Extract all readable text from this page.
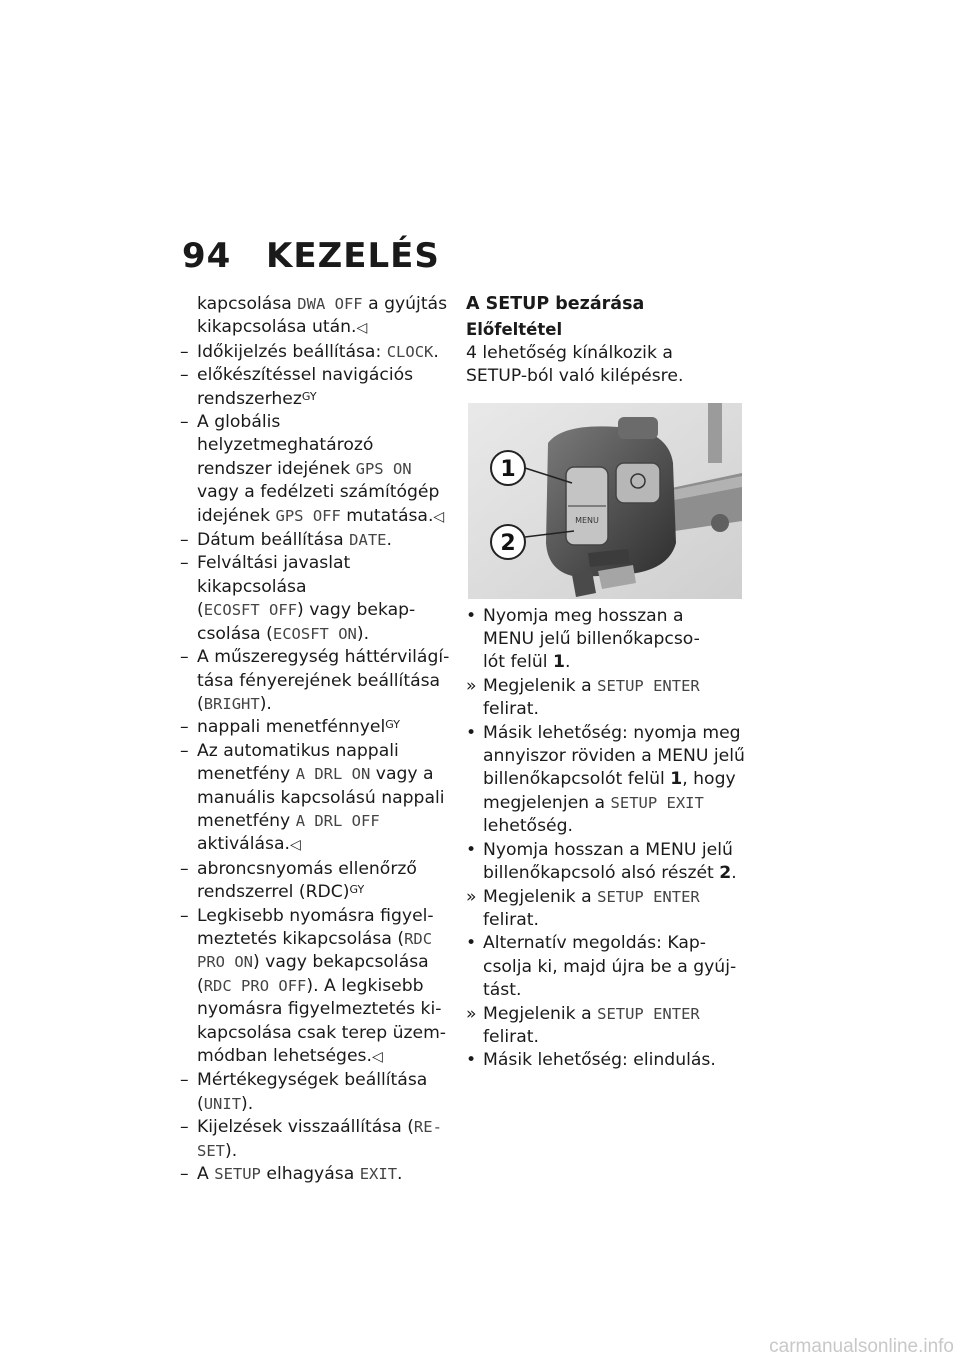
94 KEZELÉS
kapcsolása DWA OFF a gyújtás
kikapcsolása után.◁
– Időkijelzés beállítása: CLOCK.
– előkészítéssel navigációs
rendszerhez$^{GY}$
– A globális helyzetmeghatározó
rendszer idejének GPS ON
vagy a fedélzeti számítógép
idejének GPS OFF mutatása.◁
– Dátum beállítása DATE.
– Felváltási javaslat kikapcsolása
(ECOSFT OFF) vagy bekap-
csolása (ECOSFT ON).
– A műszeregység háttérvilágí-
tása fényerejének beállítása
(BRIGHT).
– nappali menetfénnyel$^{GY}$
– Az automatikus nappali
menetfény A DRL ON vagy a
manuális kapcsolású nappali
menetfény A DRL OFF
aktiválása.◁
– abroncsnyomás ellenőrző
rendszerrel (RDC)$^{GY}$
– Legkisebb nyomásra figyel-
meztetés kikapcsolása (RDC
PRO ON) vagy bekapcsolása
(RDC PRO OFF). A legkisebb
nyomásra figyelmeztetés ki-
kapcsolása csak terep üzem-
módban lehetséges.◁
– Mértékegységek beállítása
(UNIT).
– Kijelzések visszaállítása (RE-
SET).
– A SETUP elhagyása EXIT.
A SETUP bezárása
Előfeltétel
4 lehetőség kínálkozik a
SETUP-ból való kilépésre.
MENU
1
2
• Nyomja meg hosszan a
MENU jelű billenőkapcso-
lót felül 1.
» Megjelenik a SETUP ENTER
felirat.
• Másik lehetőség: nyomja meg
annyiszor röviden a MENU jelű
billenőkapcsolót felül 1, hogy
megjelenjen a SETUP EXIT
lehetőség.
• Nyomja hosszan a MENU jelű
billenőkapcsoló alsó részét 2.
» Megjelenik a SETUP ENTER
felirat.
• Alternatív megoldás: Kap-
csolja ki, majd újra be a gyúj-
tást.
» Megjelenik a SETUP ENTER
felirat.
• Másik lehetőség: elindulás.
carmanualsonline.info
